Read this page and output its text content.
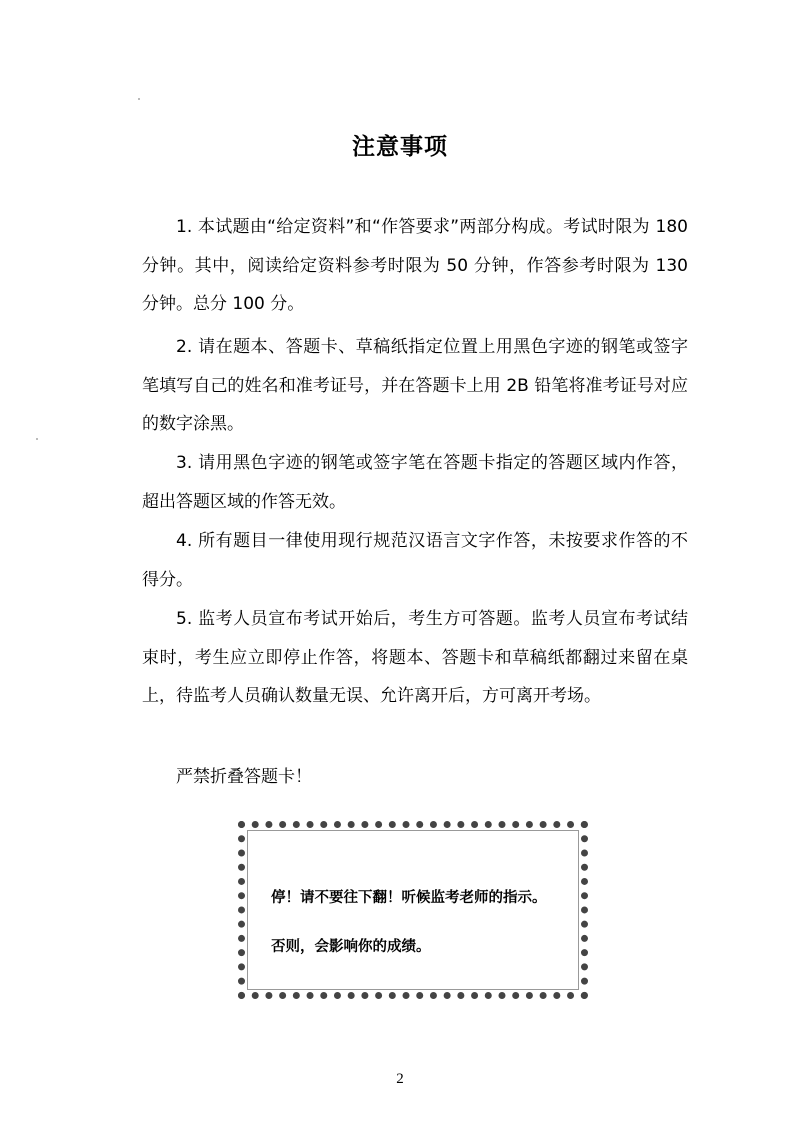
注意事项

1. 本试题由“给定资料”和“作答要求”两部分构成。考试时限为 180 分钟。其中，阅读给定资料参考时限为 50 分钟，作答参考时限为 130 分钟。总分 100 分。

2. 请在题本、答题卡、草稿纸指定位置上用黑色字迹的钢笔或签字笔填写自己的姓名和准考证号，并在答题卡上用 2B 铅笔将准考证号对应的数字涂黑。

3. 请用黑色字迹的钢笔或签字笔在答题卡指定的答题区域内作答，超出答题区域的作答无效。

4. 所有题目一律使用现行规范汉语言文字作答，未按要求作答的不得分。

5. 监考人员宣布考试开始后，考生方可答题。监考人员宣布考试结束时，考生应立即停止作答，将题本、答题卡和草稿纸都翻过来留在桌上，待监考人员确认数量无误、允许离开后，方可离开考场。

严禁折叠答题卡！

停！请不要往下翻！听候监考老师的指示。
否则，会影响你的成绩。
2
